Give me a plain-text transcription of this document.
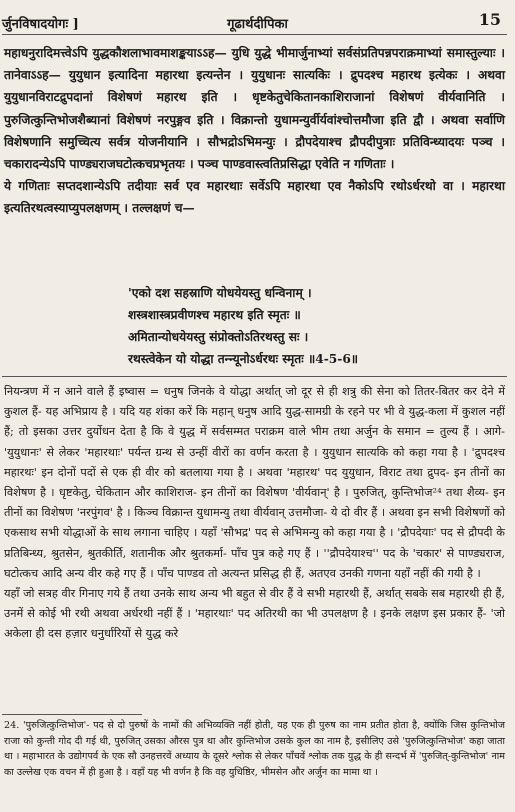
र्जुनविषादयोगः ]	गूढार्थदीपिका	15

महाधनुरादिमत्त्वेऽपि युद्धकौशलाभावमाशङ्कयाऽऽह— युधि युद्धे भीमार्जुनाभ्यां सर्वसंप्रतिपन्नपराक्रमाभ्यां समास्तुल्याः । तानेवाऽऽह— युयुधान इत्यादिना महारथा इत्यन्तेन । युयुधानः सात्यकिः । द्रुपदश्च महारथ इत्येकः । अथवा युयुधानविराटद्रुपदानां विशेषणं महारथ इति । धृष्टकेतुचेकितानकाशिराजानां विशेषणं वीर्यवानिति । पुरुजित्कुन्तिभोजशैब्यानां विशेषणं नरपुङ्गव इति । विक्रान्तो युधामन्युर्वीर्यवांश्चोत्तमौजा इति द्वौ । अथवा सर्वाणि विशेषणानि समुच्चित्य सर्वत्र योजनीयानि । सौभद्रोऽभिमन्युः । द्रौपदेयाश्च द्रौपदीपुत्राः प्रतिविन्ध्यादयः पञ्च । चकारादन्येऽपि पाण्ड्यराजघटोत्कचप्रभृतयः । पञ्च पाण्डवास्त्वतिप्रसिद्धा एवेति न गणिताः ।

ये गणिताः सप्तदशान्येऽपि तदीयाः सर्व एव महारथाः सर्वेऽपि महारथा एव नैकोऽपि रथोऽर्धरथो वा । महारथा इत्यतिरथत्वस्याप्युपलक्षणम् । तल्लक्षणं च—

'एको दश सहस्राणि योधयेयस्तु धन्विनाम् ।
शस्त्रशास्त्रप्रवीणश्च महारथ इति स्मृतः ॥
अमितान्योधयेयस्तु संप्रोक्तोऽतिरथस्तु सः ।
रथस्त्वेकेन यो योद्धा तन्न्यूनोऽर्धरथः स्मृतः ॥4-5-6॥

नियन्त्रण में न आने वाले हैं इष्वास = धनुष जिनके वे योद्धा अर्थात् जो दूर से ही शत्रु की सेना को तितर-बितर कर देने में कुशल हैं- यह अभिप्राय है । यदि यह शंका करें कि महान् धनुष आदि युद्ध-सामग्री के रहने पर भी वे युद्ध-कला में कुशल नहीं हैं; तो इसका उत्तर दुर्योधन देता है कि वे युद्ध में सर्वसम्मत पराक्रम वाले भीम तथा अर्जुन के समान = तुल्य हैं । आगे- 'युयुधानः' से लेकर 'महारथाः' पर्यन्त ग्रन्थ से उन्हीं वीरों का वर्णन करता है । युयुधान सात्यकि को कहा गया है । 'द्रुपदश्च महारथः' इन दोनों पदों से एक ही वीर को बतलाया गया है । अथवा 'महारथ' पद युयुधान, विराट तथा द्रुपद- इन तीनों का विशेषण है । धृष्टकेतु, चेकितान और काशिराज- इन तीनों का विशेषण 'वीर्यवान्' है । पुरुजित्, कुन्तिभोज²⁴ तथा शैव्य- इन तीनों का विशेषण 'नरपुंगव' है । किञ्च विक्रान्त युधामन्यु तथा वीर्यवान् उत्तमौजा- ये दो वीर हैं । अथवा इन सभी विशेषणों को एकसाथ सभी योद्धाओं के साथ लगाना चाहिए । यहाँ 'सौभद्र' पद से अभिमन्यु को कहा गया है । 'द्रौपदेयाः' पद से द्रौपदी के प्रतिबिन्ध्य, श्रुतसेन, श्रुतकीर्ति, शतानीक और श्रुतकर्मा- पाँच पुत्र कहे गए हैं । ''द्रौपदेयाश्च'' पद के 'चकार' से पाण्ड्यराज, घटोत्कच आदि अन्य वीर कहे गए हैं । पाँच पाण्डव तो अत्यन्त प्रसिद्ध ही हैं, अतएव उनकी गणना यहाँ नहीं की गयी है ।

यहाँ जो सत्रह वीर गिनाए गये हैं तथा उनके साथ अन्य भी बहुत से वीर हैं वे सभी महारथी हैं, अर्थात् सबके सब महारथी ही हैं, उनमें से कोई भी रथी अथवा अर्धरथी नहीं हैं । 'महारथाः' पद अतिरथी का भी उपलक्षण है । इनके लक्षण इस प्रकार हैं- 'जो अकेला ही दस हज़ार धनुर्धारियों से युद्ध करे

24. 'पुरुजित्कुन्तिभोज'- पद से दो पुरुषों के नामों की अभिव्यक्ति नहीं होती, यह एक ही पुरुष का नाम प्रतीत होता है, क्योंकि जिस कुन्तिभोज राजा को कुन्ती गोद दी गई थी, पुरुजित् उसका औरस पुत्र था और कुन्तिभोज उसके कुल का नाम है, इसीलिए उसे 'पुरुजित्कुन्तिभोज' कहा जाता था । महाभारत के उद्योगपर्व के एक सौ उनहत्तरवें अध्याय के दूसरे श्लोक से लेकर पाँचवें श्लोक तक युद्ध के ही सन्दर्भ में 'पुरुजित्-कुन्तिभोज' नाम का उल्लेख एक वचन में ही हुआ है । वहाँ यह भी वर्णन है कि वह युधिष्ठिर, भीमसेन और अर्जुन का मामा था ।
